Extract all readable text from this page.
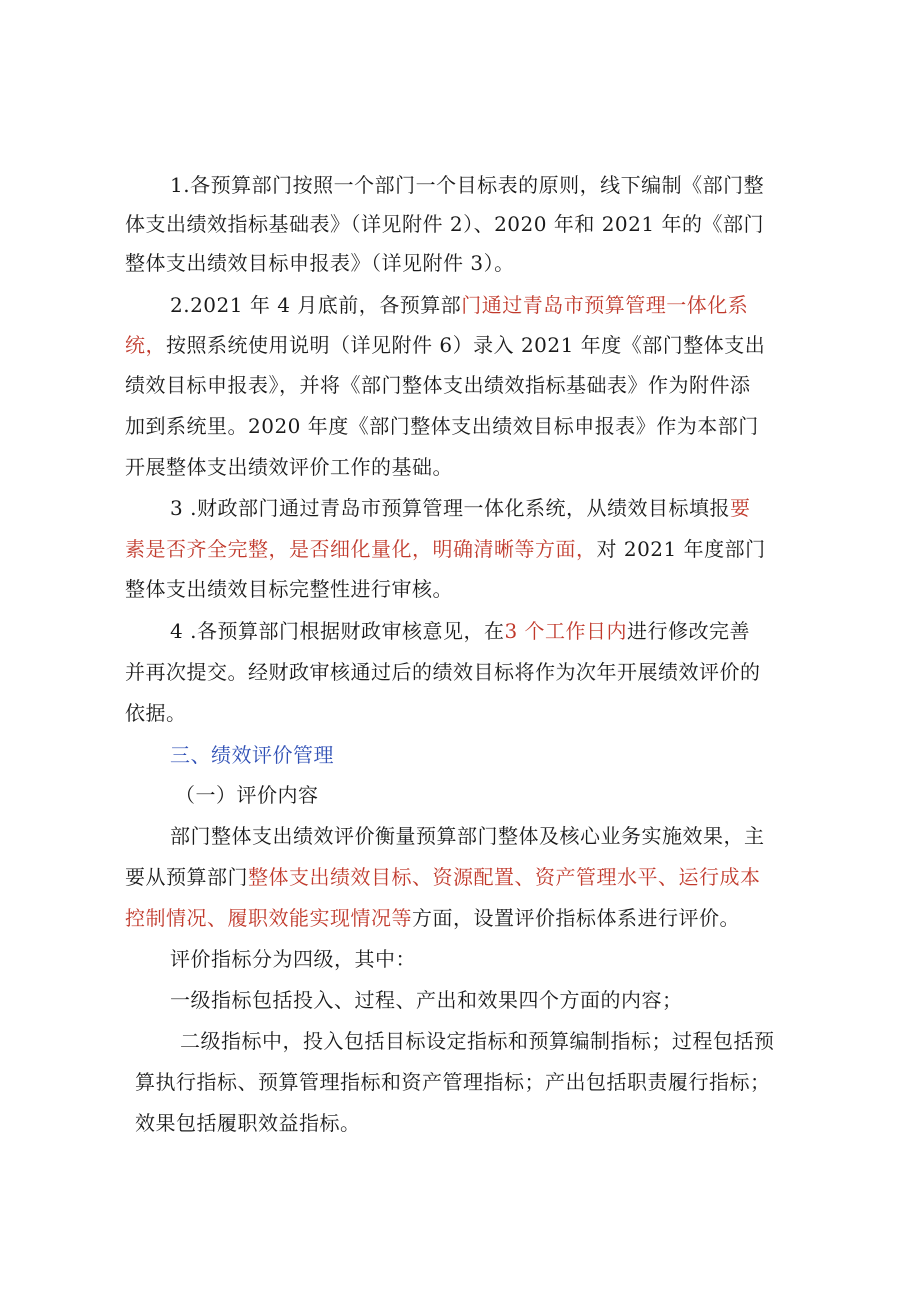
1.各预算部门按照一个部门一个目标表的原则，线下编制《部门整
体支出绩效指标基础表》（详见附件 2）、2020 年和 2021 年的《部门
整体支出绩效目标申报表》（详见附件 3）。
2.2021 年 4 月底前，各预算部门通过青岛市预算管理一体化系
统，按照系统使用说明（详见附件 6）录入 2021 年度《部门整体支出
绩效目标申报表》，并将《部门整体支出绩效指标基础表》作为附件添
加到系统里。2020 年度《部门整体支出绩效目标申报表》作为本部门
开展整体支出绩效评价工作的基础。
3 .财政部门通过青岛市预算管理一体化系统，从绩效目标填报要
素是否齐全完整，是否细化量化，明确清晰等方面，对 2021 年度部门
整体支出绩效目标完整性进行审核。
4 .各预算部门根据财政审核意见，在3 个工作日内进行修改完善
并再次提交。经财政审核通过后的绩效目标将作为次年开展绩效评价的
依据。
三、绩效评价管理
（一）评价内容
部门整体支出绩效评价衡量预算部门整体及核心业务实施效果，主
要从预算部门整体支出绩效目标、资源配置、资产管理水平、运行成本
控制情况、履职效能实现情况等方面，设置评价指标体系进行评价。
评价指标分为四级，其中：
一级指标包括投入、过程、产出和效果四个方面的内容；
二级指标中，投入包括目标设定指标和预算编制指标；过程包括预
算执行指标、预算管理指标和资产管理指标；产出包括职责履行指标；
效果包括履职效益指标。
